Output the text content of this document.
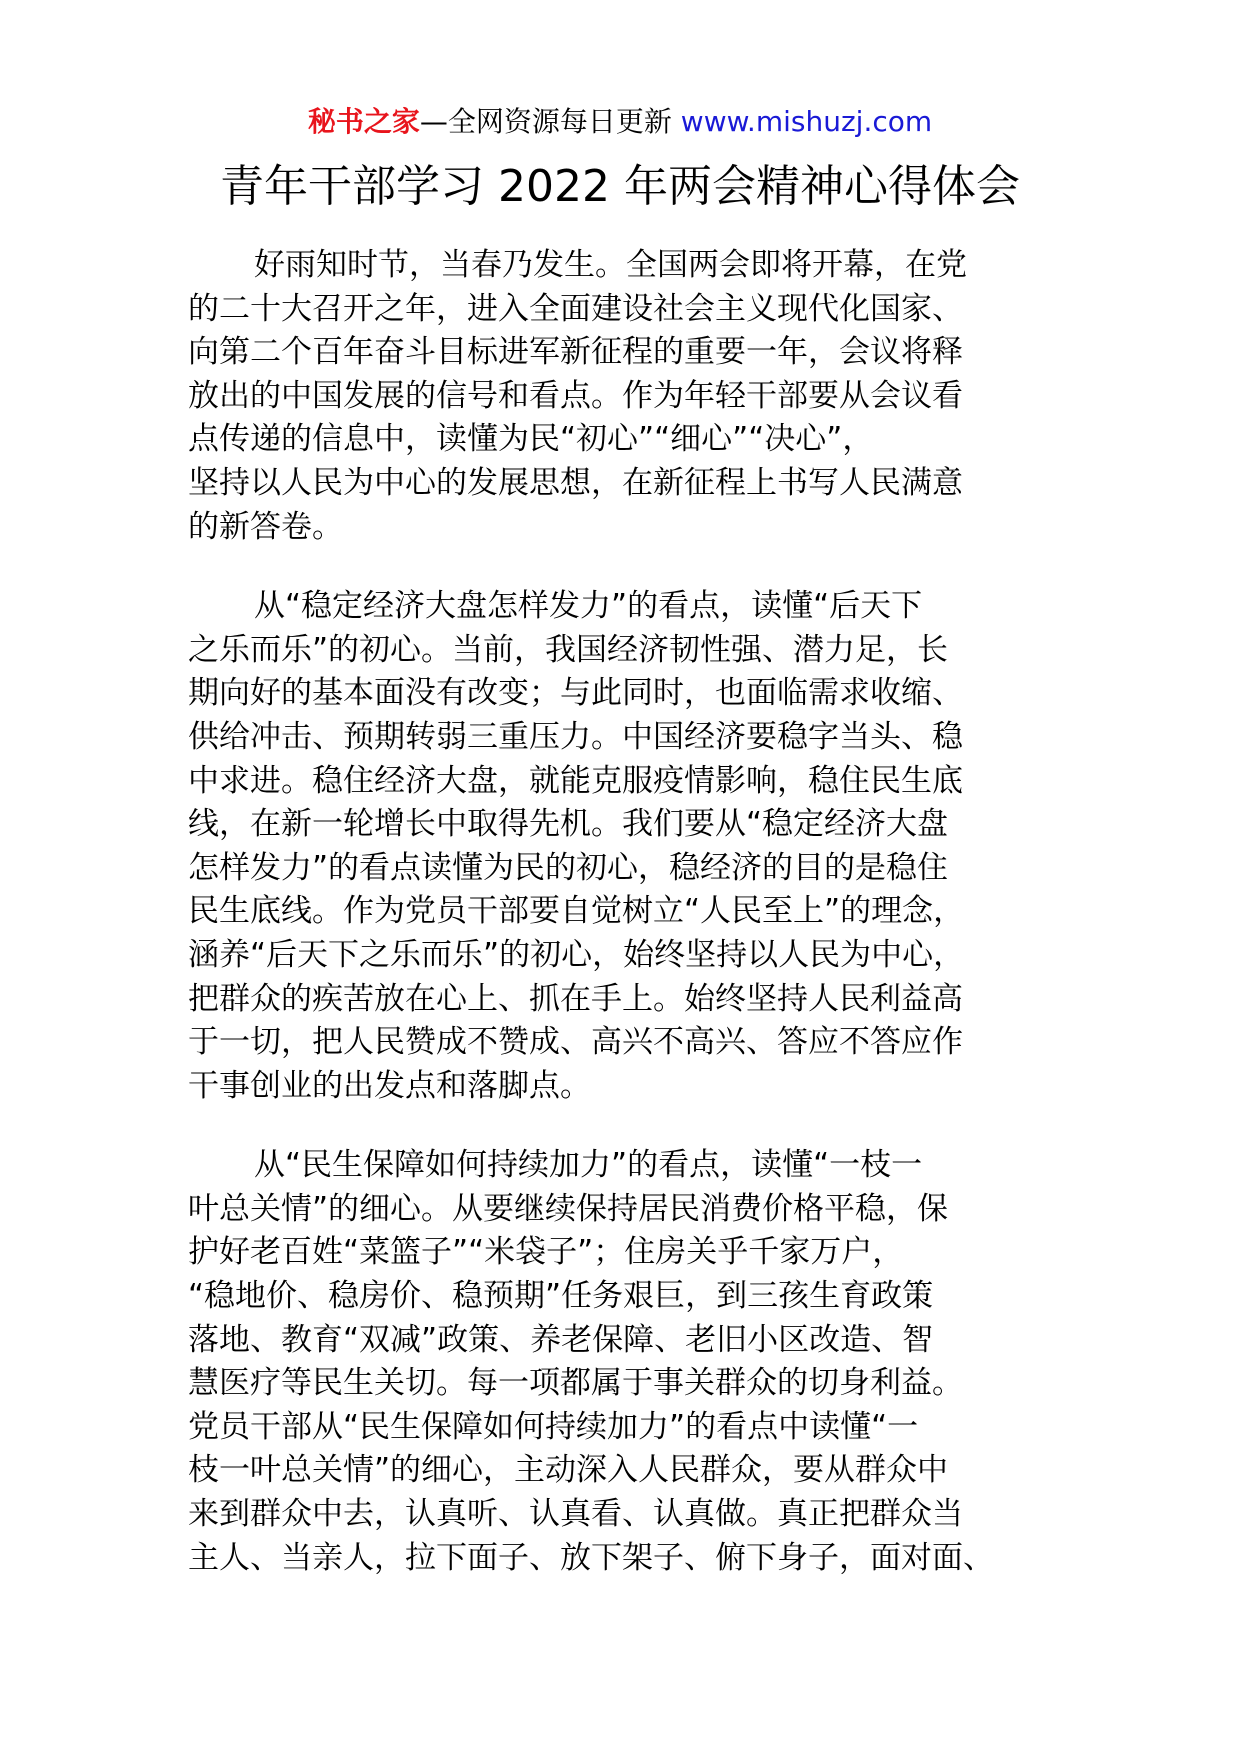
秘书之家—全网资源每日更新 www.mishuzj.com
青年干部学习 2022 年两会精神心得体会
好雨知时节，当春乃发生。全国两会即将开幕，在党
的二十大召开之年，进入全面建设社会主义现代化国家、
向第二个百年奋斗目标进军新征程的重要一年，会议将释
放出的中国发展的信号和看点。作为年轻干部要从会议看
点传递的信息中，读懂为民“初心”“细心”“决心”，
坚持以人民为中心的发展思想，在新征程上书写人民满意
的新答卷。
从“稳定经济大盘怎样发力”的看点，读懂“后天下
之乐而乐”的初心。当前，我国经济韧性强、潜力足，长
期向好的基本面没有改变；与此同时，也面临需求收缩、
供给冲击、预期转弱三重压力。中国经济要稳字当头、稳
中求进。稳住经济大盘，就能克服疫情影响，稳住民生底
线，在新一轮增长中取得先机。我们要从“稳定经济大盘
怎样发力”的看点读懂为民的初心，稳经济的目的是稳住
民生底线。作为党员干部要自觉树立“人民至上”的理念，
涵养“后天下之乐而乐”的初心，始终坚持以人民为中心，
把群众的疾苦放在心上、抓在手上。始终坚持人民利益高
于一切，把人民赞成不赞成、高兴不高兴、答应不答应作
干事创业的出发点和落脚点。
从“民生保障如何持续加力”的看点，读懂“一枝一
叶总关情”的细心。从要继续保持居民消费价格平稳，保
护好老百姓“菜篮子”“米袋子”；住房关乎千家万户，
“稳地价、稳房价、稳预期”任务艰巨，到三孩生育政策
落地、教育“双减”政策、养老保障、老旧小区改造、智
慧医疗等民生关切。每一项都属于事关群众的切身利益。
党员干部从“民生保障如何持续加力”的看点中读懂“一
枝一叶总关情”的细心，主动深入人民群众，要从群众中
来到群众中去，认真听、认真看、认真做。真正把群众当
主人、当亲人，拉下面子、放下架子、俯下身子，面对面、
